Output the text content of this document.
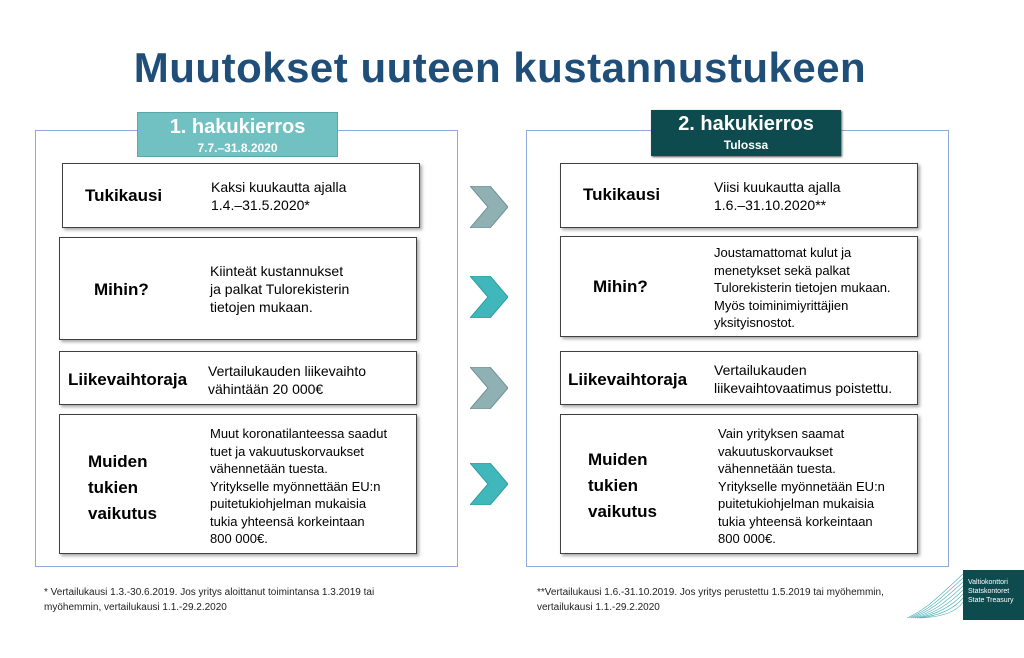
Muutokset uuteen kustannustukeen
1. hakukierros
7.7.–31.8.2020
Tukikausi	Kaksi kuukautta ajalla
1.4.–31.5.2020*
Mihin?
Kiinteät kustannukset
ja palkat Tulorekisterin
tietojen mukaan.
Liikevaihtoraja Vertailukauden liikevaihto
vähintään 20 000€
Muiden
tukien
vaikutus
Muut koronatilanteessa saadut
tuet ja vakuutuskorvaukset
vähennetään tuesta.
Yritykselle myönnettään EU:n
puitetukiohjelman mukaisia
tukia yhteensä korkeintaan
800 000€.
2. hakukierros
Tulossa
Tukikausi	Viisi kuukautta ajalla
1.6.–31.10.2020**
Mihin?
Joustamattomat kulut ja
menetykset sekä palkat
Tulorekisterin tietojen mukaan.
Myös toiminimiyrittäjien
yksityisnostot.
Liikevaihtoraja Vertailukauden
liikevaihtovaatimus poistettu.
Muiden
tukien
vaikutus
Vain yrityksen saamat
vakuutuskorvaukset
vähennetään tuesta.
Yritykselle myönnetään EU:n
puitetukiohjelman mukaisia
tukia yhteensä korkeintaan
800 000€.
* Vertailukausi 1.3.-30.6.2019. Jos yritys aloittanut toimintansa 1.3.2019 tai
myöhemmin, vertailukausi 1.1.-29.2.2020
**Vertailukausi 1.6.-31.10.2019. Jos yritys perustettu 1.5.2019 tai myöhemmin,
vertailukausi 1.1.-29.2.2020
Valtiokonttori
Statskontoret
State Treasury
